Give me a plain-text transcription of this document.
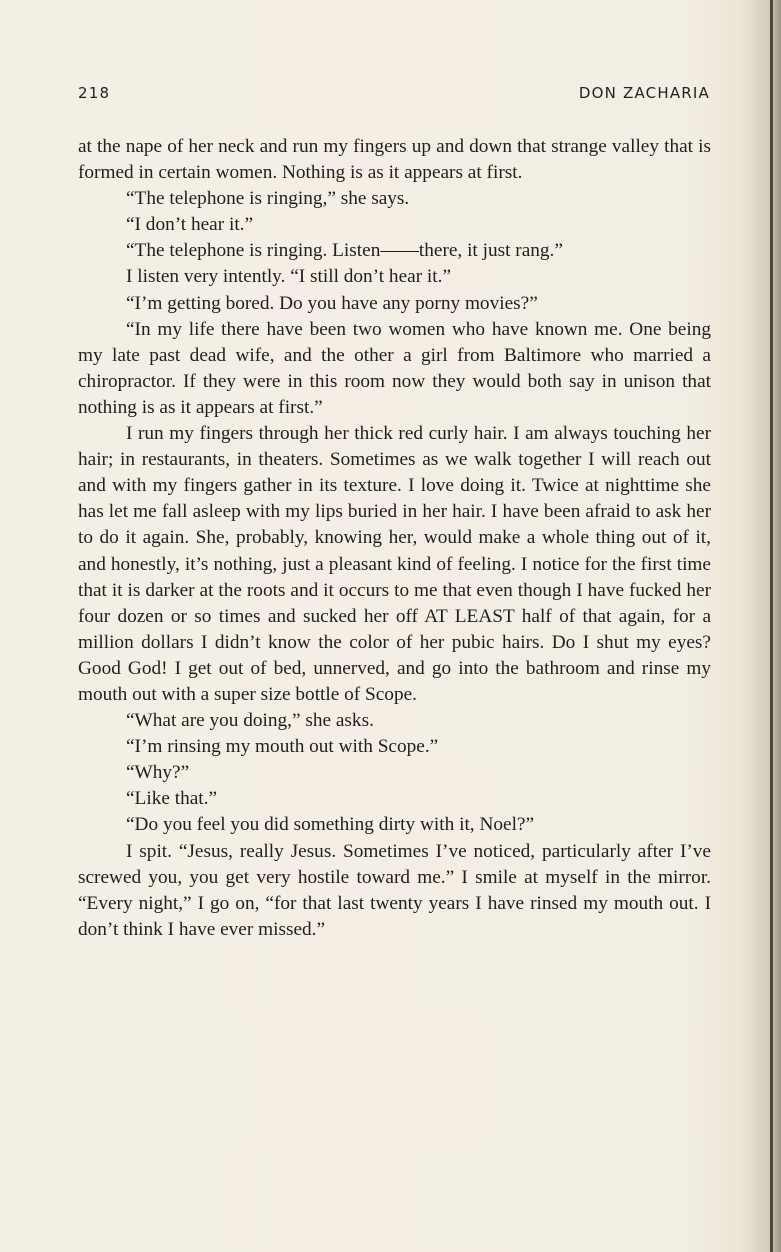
218	DON ZACHARIA

at the nape of her neck and run my fingers up and down that strange valley that is formed in certain women. Nothing is as it appears at first.

“The telephone is ringing,” she says.

“I don’t hear it.”

“The telephone is ringing. Listen——there, it just rang.”

I listen very intently. “I still don’t hear it.”

“I’m getting bored. Do you have any porny movies?”

“In my life there have been two women who have known me. One being my late past dead wife, and the other a girl from Baltimore who married a chiropractor. If they were in this room now they would both say in unison that nothing is as it appears at first.”

I run my fingers through her thick red curly hair. I am always touching her hair; in restaurants, in theaters. Sometimes as we walk together I will reach out and with my fingers gather in its texture. I love doing it. Twice at nighttime she has let me fall asleep with my lips buried in her hair. I have been afraid to ask her to do it again. She, probably, knowing her, would make a whole thing out of it, and honestly, it’s nothing, just a pleasant kind of feeling. I notice for the first time that it is darker at the roots and it occurs to me that even though I have fucked her four dozen or so times and sucked her off AT LEAST half of that again, for a million dollars I didn’t know the color of her pubic hairs. Do I shut my eyes? Good God! I get out of bed, unnerved, and go into the bathroom and rinse my mouth out with a super size bottle of Scope.

“What are you doing,” she asks.

“I’m rinsing my mouth out with Scope.”

“Why?”

“Like that.”

“Do you feel you did something dirty with it, Noel?”

I spit. “Jesus, really Jesus. Sometimes I’ve noticed, particularly after I’ve screwed you, you get very hostile toward me.” I smile at myself in the mirror. “Every night,” I go on, “for that last twenty years I have rinsed my mouth out. I don’t think I have ever missed.”
